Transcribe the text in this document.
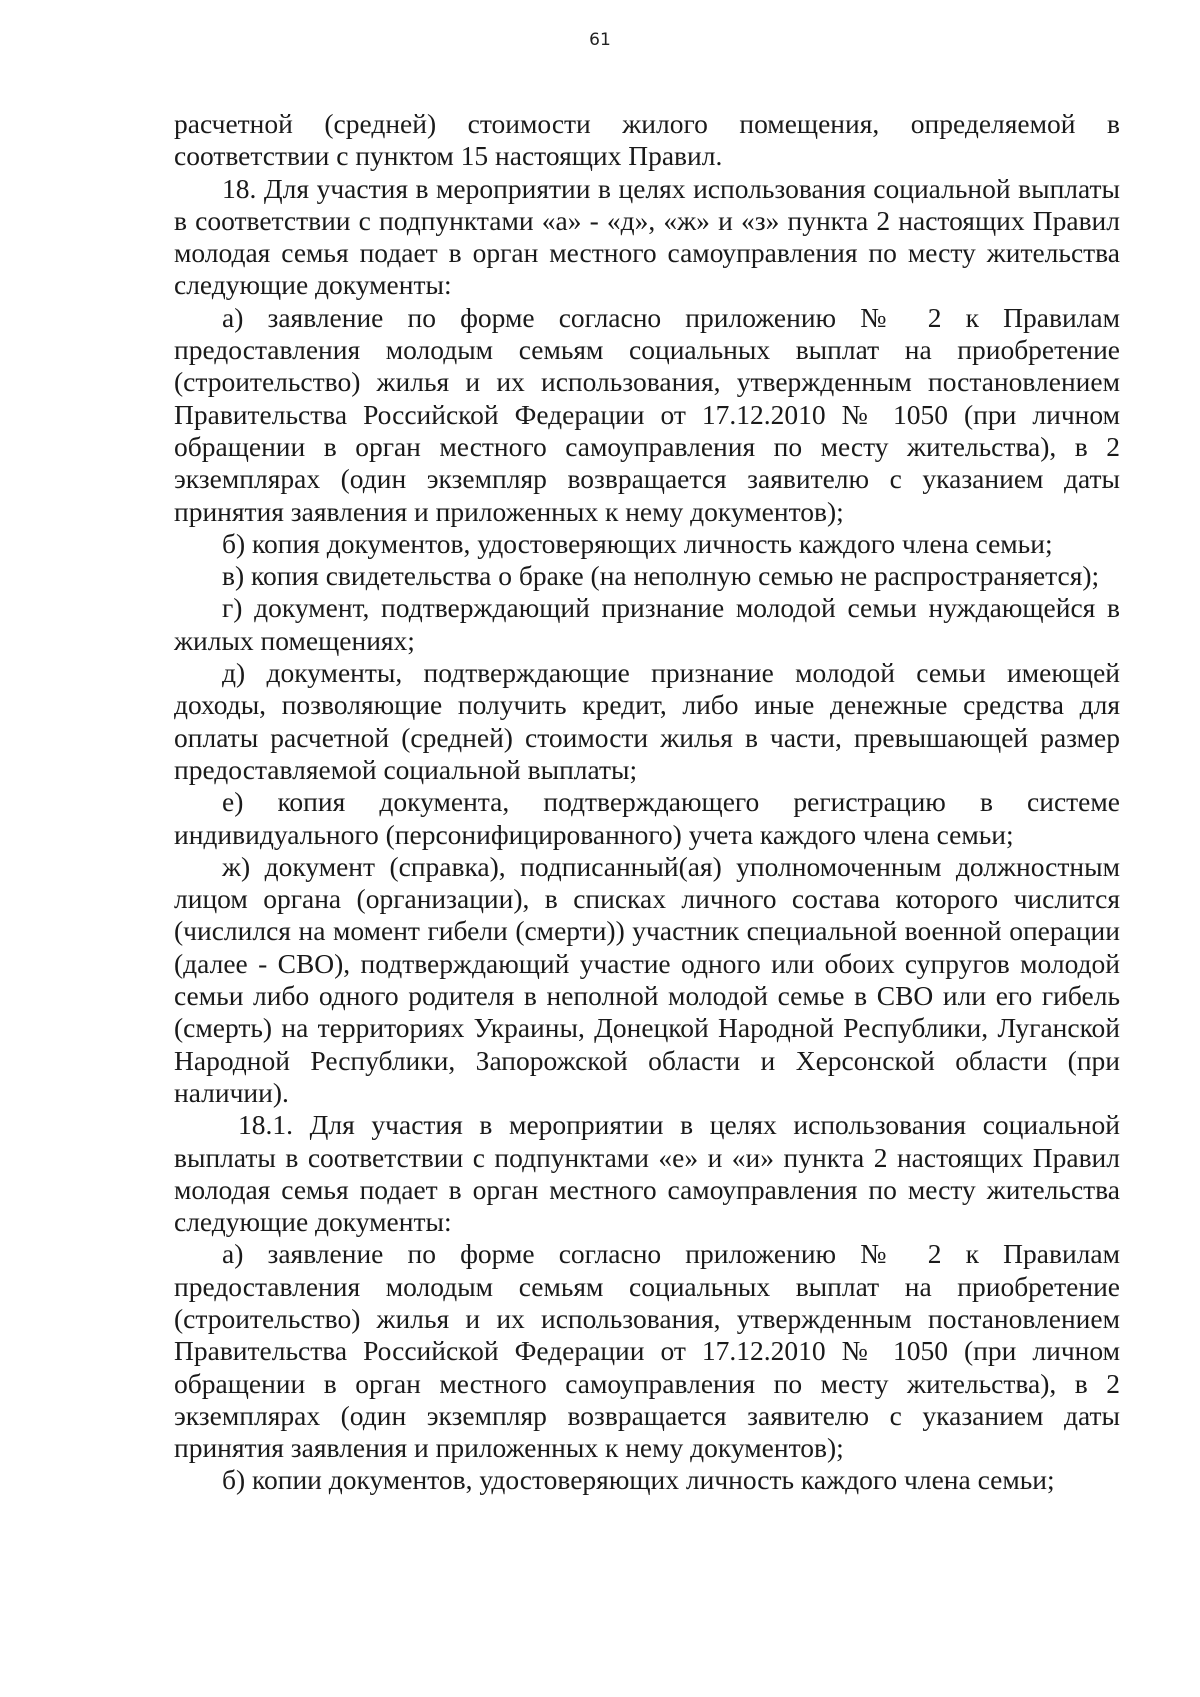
61

расчетной (средней) стоимости жилого помещения, определяемой в соответствии с пунктом 15 настоящих Правил.

18. Для участия в мероприятии в целях использования социальной выплаты в соответствии с подпунктами «а» - «д», «ж» и «з» пункта 2 настоящих Правил молодая семья подает в орган местного самоуправления по месту жительства следующие документы:

а) заявление по форме согласно приложению № 2 к Правилам предоставления молодым семьям социальных выплат на приобретение (строительство) жилья и их использования, утвержденным постановлением Правительства Российской Федерации от 17.12.2010 № 1050 (при личном обращении в орган местного самоуправления по месту жительства), в 2 экземплярах (один экземпляр возвращается заявителю с указанием даты принятия заявления и приложенных к нему документов);

б) копия документов, удостоверяющих личность каждого члена семьи;

в) копия свидетельства о браке (на неполную семью не распространяется);

г) документ, подтверждающий признание молодой семьи нуждающейся в жилых помещениях;

д) документы, подтверждающие признание молодой семьи имеющей доходы, позволяющие получить кредит, либо иные денежные средства для оплаты расчетной (средней) стоимости жилья в части, превышающей размер предоставляемой социальной выплаты;

е) копия документа, подтверждающего регистрацию в системе индивидуального (персонифицированного) учета каждого члена семьи;

ж) документ (справка), подписанный(ая) уполномоченным должностным лицом органа (организации), в списках личного состава которого числится (числился на момент гибели (смерти)) участник специальной военной операции (далее - СВО), подтверждающий участие одного или обоих супругов молодой семьи либо одного родителя в неполной молодой семье в СВО или его гибель (смерть) на территориях Украины, Донецкой Народной Республики, Луганской Народной Республики, Запорожской области и Херсонской области (при наличии).

18.1. Для участия в мероприятии в целях использования социальной выплаты в соответствии с подпунктами «е» и «и» пункта 2 настоящих Правил молодая семья подает в орган местного самоуправления по месту жительства следующие документы:

а) заявление по форме согласно приложению № 2 к Правилам предоставления молодым семьям социальных выплат на приобретение (строительство) жилья и их использования, утвержденным постановлением Правительства Российской Федерации от 17.12.2010 № 1050 (при личном обращении в орган местного самоуправления по месту жительства), в 2 экземплярах (один экземпляр возвращается заявителю с указанием даты принятия заявления и приложенных к нему документов);

б) копии документов, удостоверяющих личность каждого члена семьи;
